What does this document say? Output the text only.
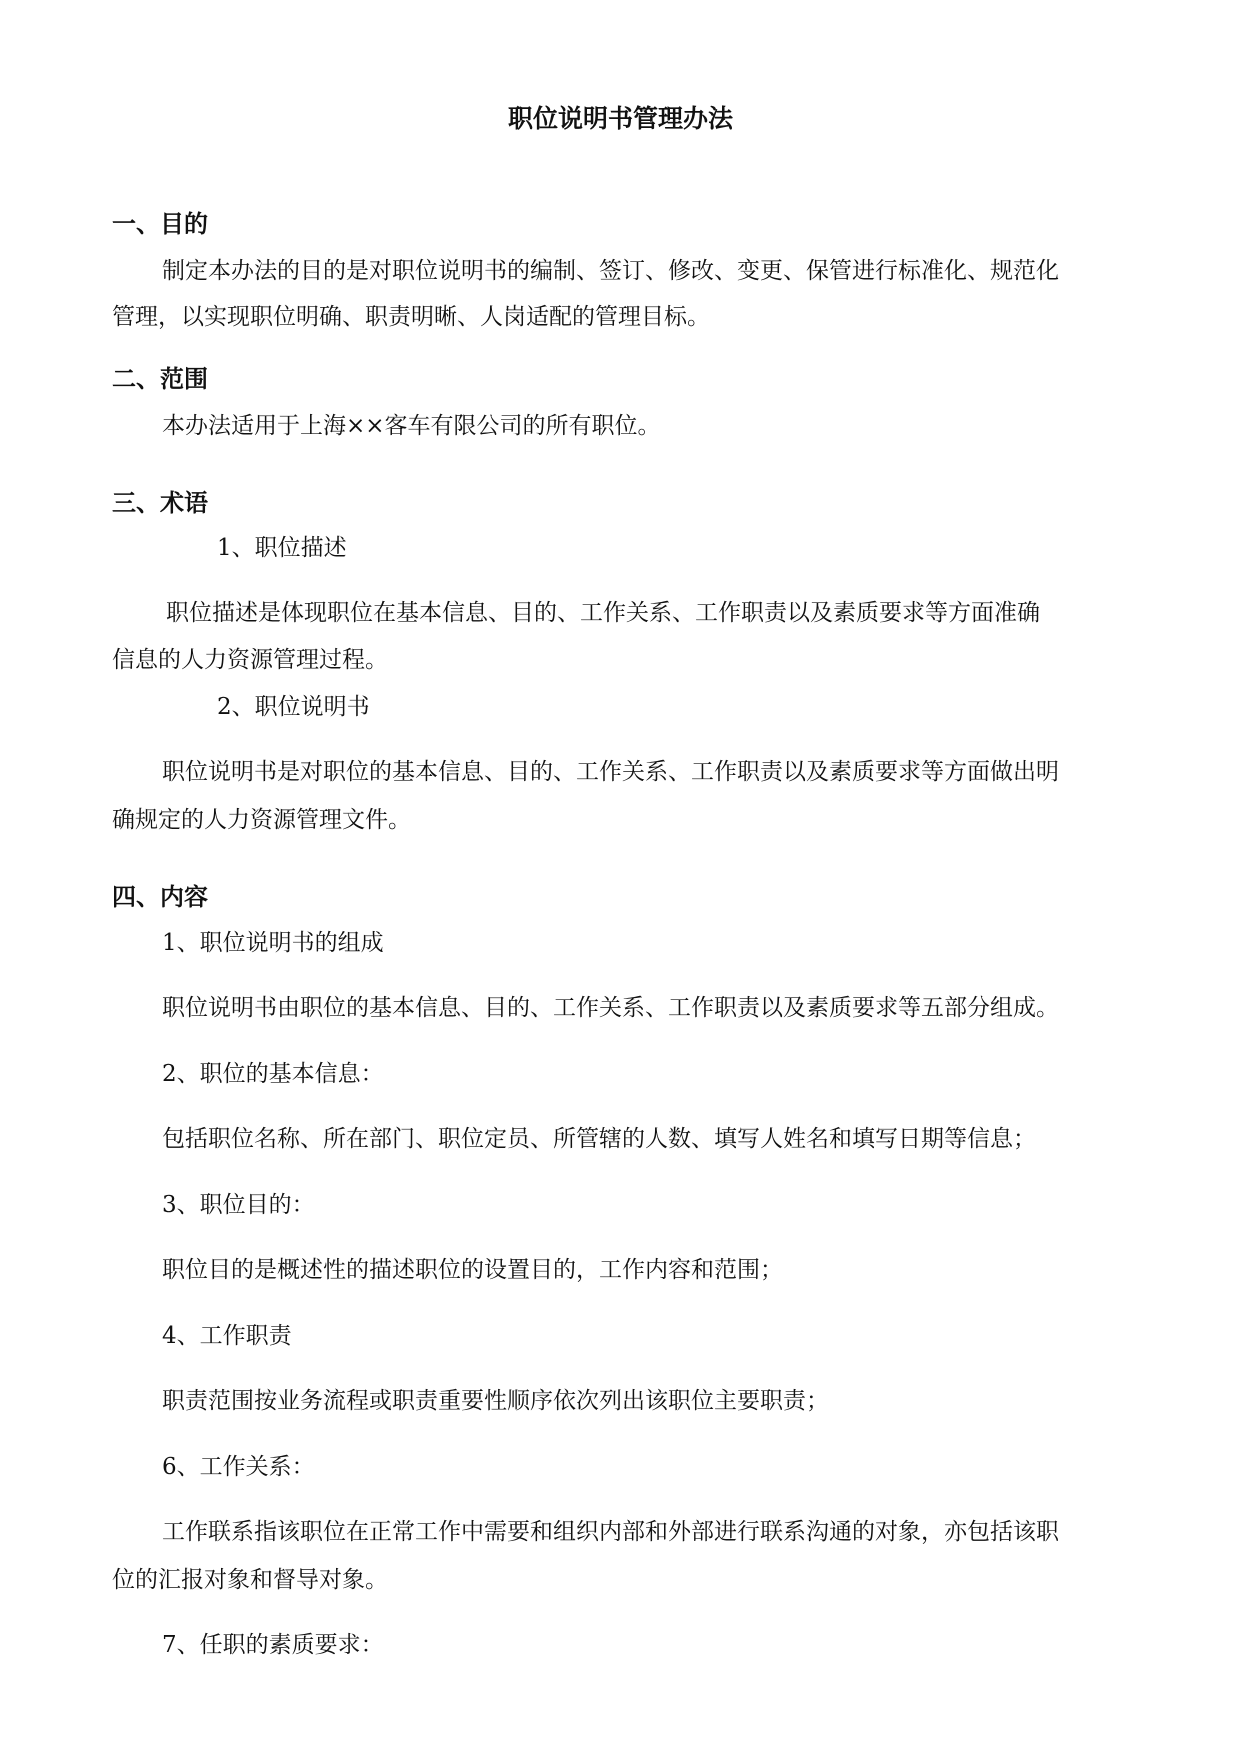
职位说明书管理办法
一、目的
制定本办法的目的是对职位说明书的编制、签订、修改、变更、保管进行标准化、规范化
管理，以实现职位明确、职责明晰、人岗适配的管理目标。
二、范围
本办法适用于上海××客车有限公司的所有职位。
三、术语
1、职位描述
职位描述是体现职位在基本信息、目的、工作关系、工作职责以及素质要求等方面准确
信息的人力资源管理过程。
2、职位说明书
职位说明书是对职位的基本信息、目的、工作关系、工作职责以及素质要求等方面做出明
确规定的人力资源管理文件。
四、内容
1、职位说明书的组成
职位说明书由职位的基本信息、目的、工作关系、工作职责以及素质要求等五部分组成。
2、职位的基本信息：
包括职位名称、所在部门、职位定员、所管辖的人数、填写人姓名和填写日期等信息；
3、职位目的：
职位目的是概述性的描述职位的设置目的，工作内容和范围；
4、工作职责
职责范围按业务流程或职责重要性顺序依次列出该职位主要职责；
6、工作关系：
工作联系指该职位在正常工作中需要和组织内部和外部进行联系沟通的对象，亦包括该职
位的汇报对象和督导对象。
7、任职的素质要求：
